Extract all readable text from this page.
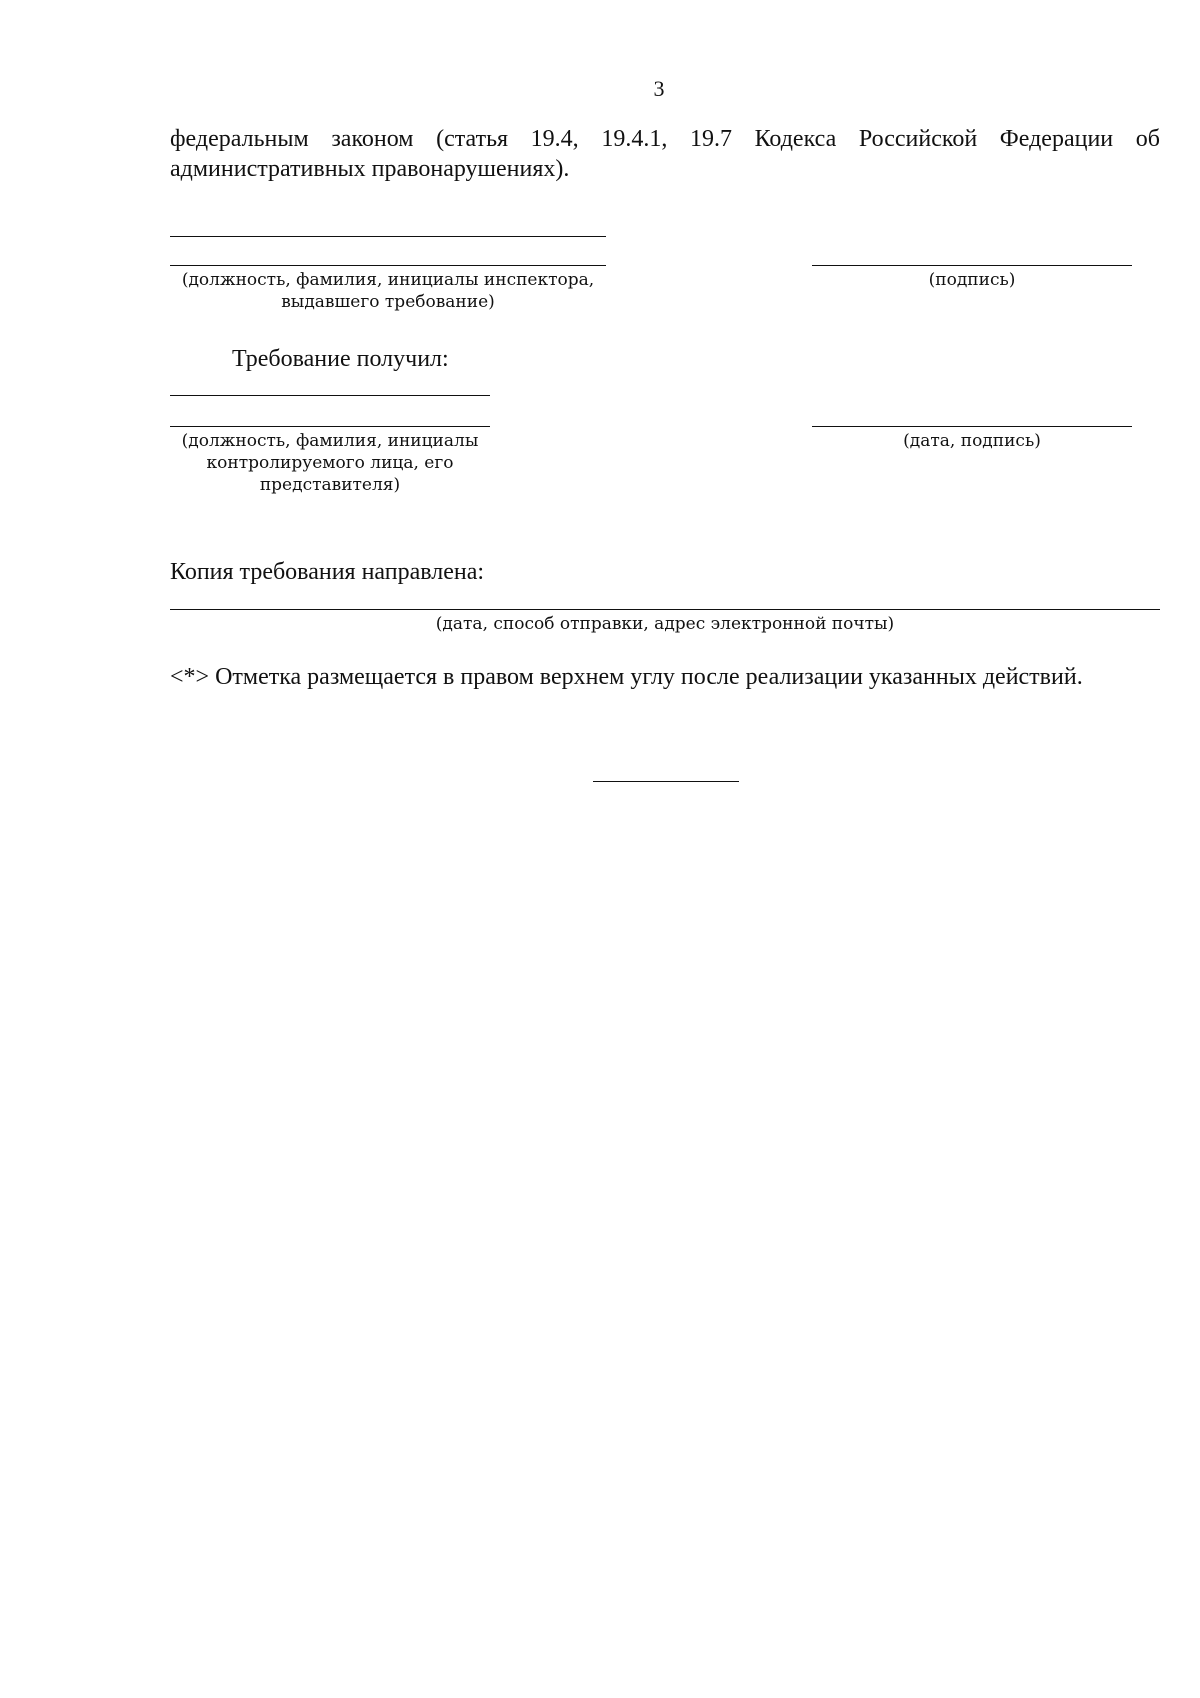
3
федеральным законом (статья 19.4, 19.4.1, 19.7 Кодекса Российской Федерации об административных правонарушениях).
(должность, фамилия, инициалы инспектора,
выдавшего требование)
(подпись)
Требование получил:
(должность, фамилия, инициалы
контролируемого лица, его
представителя)
(дата, подпись)
Копия требования направлена:
(дата, способ отправки, адрес электронной почты)
<*> Отметка размещается в правом верхнем углу после реализации указанных действий.
